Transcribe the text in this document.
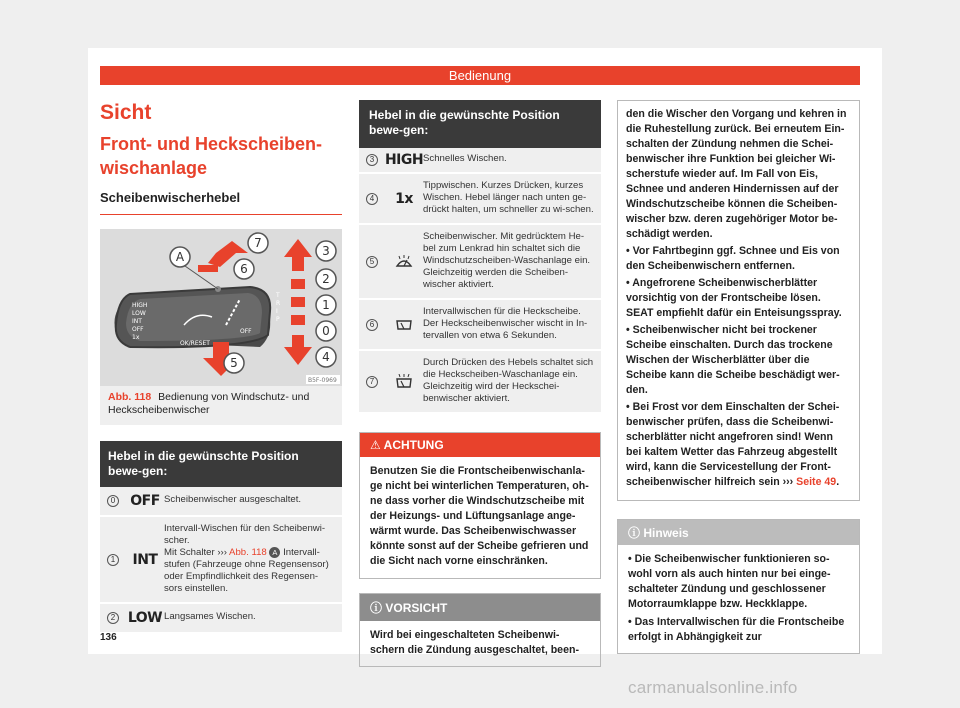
Bedienung
Sicht
Front- und Heckscheiben-
wischanlage
Scheibenwischerhebel
HIGH
LOW
INT
OFF
1x
OK/RESET
OFF
T
R
I
P
A
7
6
5
3
2
1
0
4
B5F-0969
Abb. 118 Bedienung von Windschutz- und Heckscheibenwischer
Hebel in die gewünschte Position bewe-gen:
0	OFF Scheibenwischer ausgeschaltet.
1	INT
Intervall-Wischen für den Scheibenwi-scher.
Mit Schalter ››› Abb. 118 A Intervall-stufen (Fahrzeuge ohne Regensensor) oder Empfindlichkeit des Regensen-sors einstellen.
2 LOW Langsames Wischen.
Hebel in die gewünschte Position bewe-gen:
3 HIGH Schnelles Wischen.
4	1x
Tippwischen. Kurzes Drücken, kurzes Wischen. Hebel länger nach unten ge-drückt halten, um schneller zu wi-schen.
5
Scheibenwischer. Mit gedrücktem He-bel zum Lenkrad hin schaltet sich die Windschutzscheiben-Waschanlage ein. Gleichzeitig werden die Scheiben-wischer aktiviert.
6
Intervallwischen für die Heckscheibe. Der Heckscheibenwischer wischt in In-tervallen von etwa 6 Sekunden.
7
Durch Drücken des Hebels schaltet sich die Heckscheiben-Waschanlage ein. Gleichzeitig wird der Heckschei-benwischer aktiviert.
⚠ ACHTUNG
Benutzen Sie die Frontscheibenwischanla-ge nicht bei winterlichen Temperaturen, oh-ne dass vorher die Windschutzscheibe mit der Heizungs- und Lüftungsanlage ange-wärmt wurde. Das Scheibenwischwasser könnte sonst auf der Scheibe gefrieren und die Sicht nach vorne einschränken.
ⓘ VORSICHT
Wird bei eingeschalteten Scheibenwi-schern die Zündung ausgeschaltet, been-

den die Wischer den Vorgang und kehren in die Ruhestellung zurück. Bei erneutem Ein-schalten der Zündung nehmen die Schei-benwischer ihre Funktion bei gleicher Wi-scherstufe wieder auf. Im Fall von Eis, Schnee und anderen Hindernissen auf der Windschutzscheibe können die Scheiben-wischer bzw. deren zugehöriger Motor be-schädigt werden.

• Vor Fahrtbeginn ggf. Schnee und Eis von den Scheibenwischern entfernen.

• Angefrorene Scheibenwischerblätter vorsichtig von der Frontscheibe lösen. SEAT empfiehlt dafür ein Enteisungsspray.

• Scheibenwischer nicht bei trockener Scheibe einschalten. Durch das trockene Wischen der Wischerblätter über die Scheibe kann die Scheibe beschädigt wer-den.

• Bei Frost vor dem Einschalten der Schei-benwischer prüfen, dass die Scheibenwi-scherblätter nicht angefroren sind! Wenn bei kaltem Wetter das Fahrzeug abgestellt wird, kann die Servicestellung der Front-scheibenwischer hilfreich sein ››› Seite 49.

ⓘ Hinweis

• Die Scheibenwischer funktionieren so-wohl vorn als auch hinten nur bei einge-schalteter Zündung und geschlossener Motorraumklappe bzw. Heckklappe.

• Das Intervallwischen für die Frontscheibe erfolgt in Abhängigkeit zur

136
carmanualsonline.info
